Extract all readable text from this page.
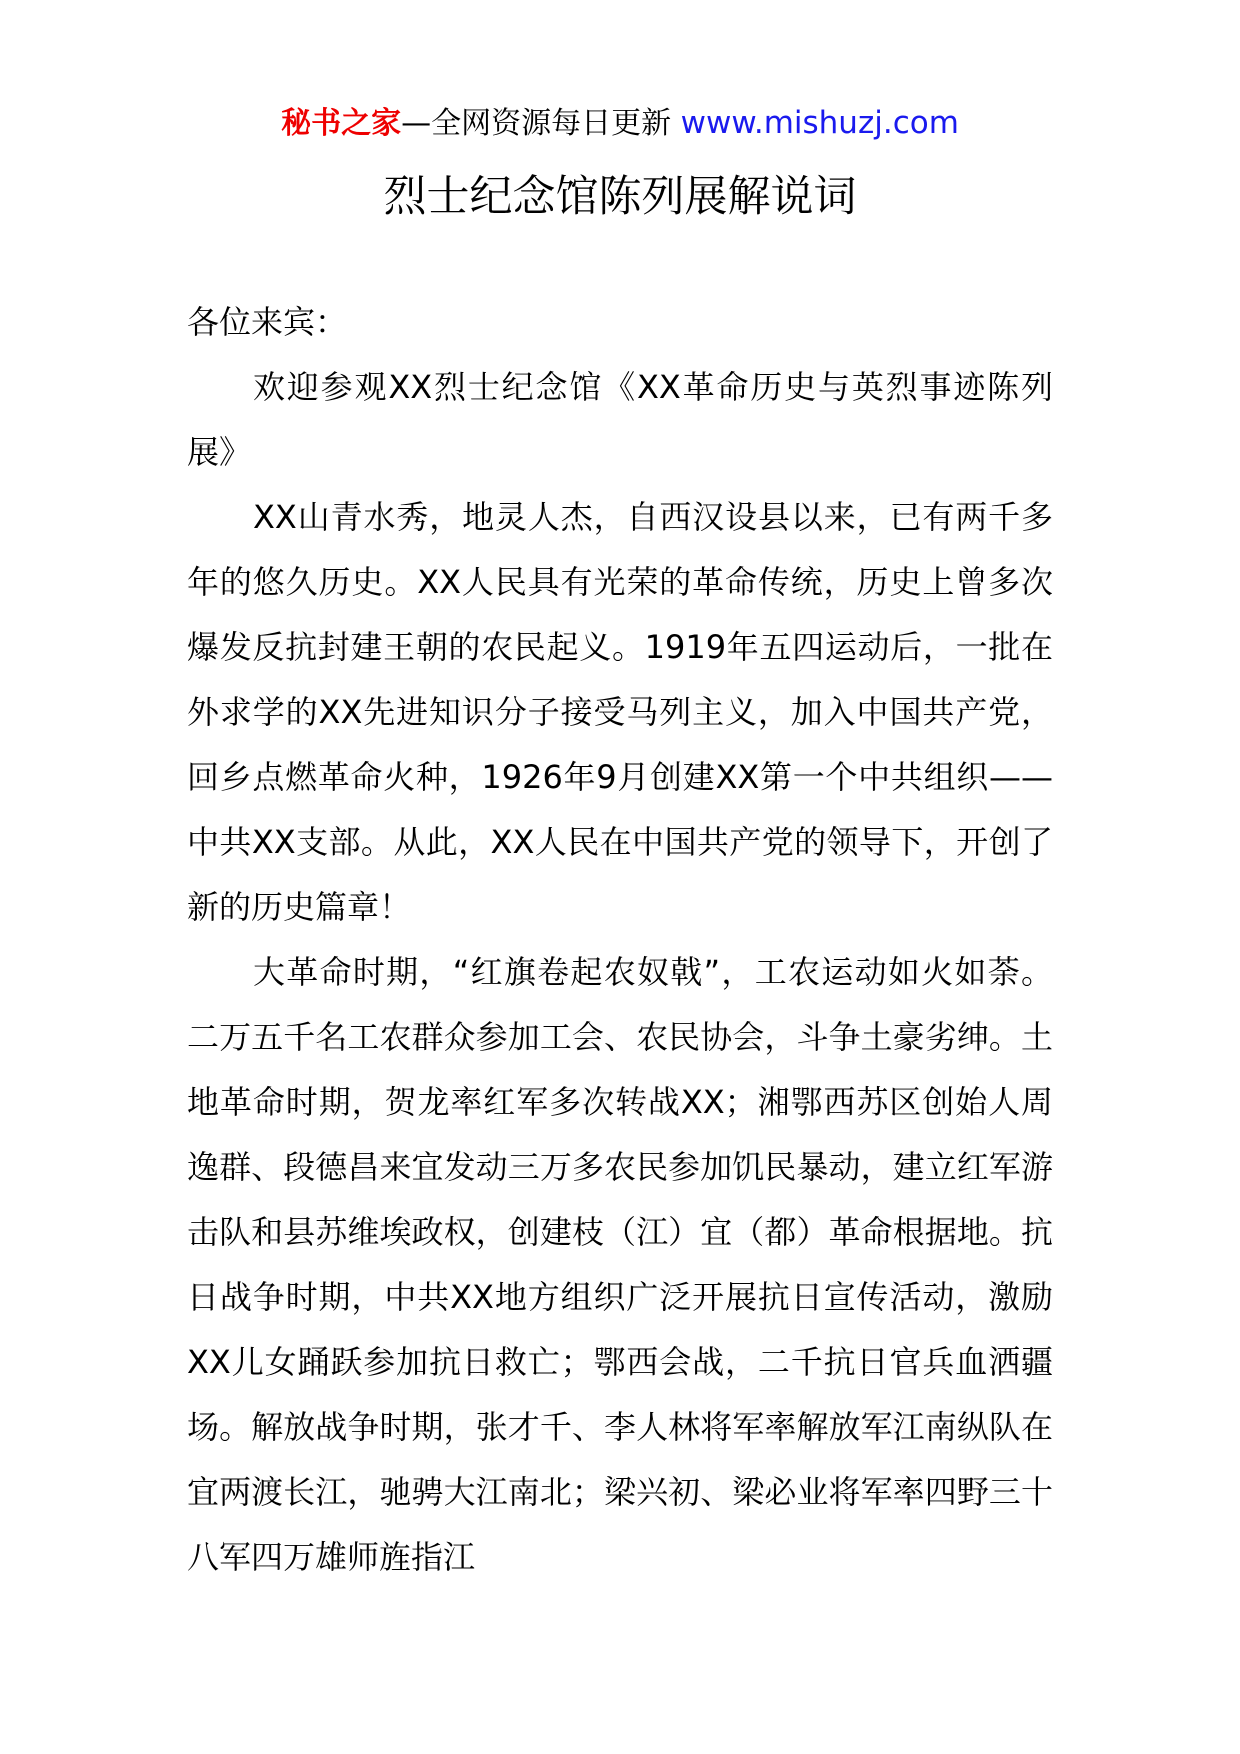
秘书之家—全网资源每日更新 www.mishuzj.com
烈士纪念馆陈列展解说词

各位来宾：

欢迎参观XX烈士纪念馆《XX革命历史与英烈事迹陈列展》

XX山青水秀，地灵人杰，自西汉设县以来，已有两千多年的悠久历史。XX人民具有光荣的革命传统，历史上曾多次爆发反抗封建王朝的农民起义。1919年五四运动后，一批在外求学的XX先进知识分子接受马列主义，加入中国共产党，回乡点燃革命火种，1926年9月创建XX第一个中共组织——中共XX支部。从此，XX人民在中国共产党的领导下，开创了新的历史篇章！

大革命时期，“红旗卷起农奴戟”，工农运动如火如荼。二万五千名工农群众参加工会、农民协会，斗争土豪劣绅。土地革命时期，贺龙率红军多次转战XX；湘鄂西苏区创始人周逸群、段德昌来宜发动三万多农民参加饥民暴动，建立红军游击队和县苏维埃政权，创建枝（江）宜（都）革命根据地。抗日战争时期，中共XX地方组织广泛开展抗日宣传活动，激励XX儿女踊跃参加抗日救亡；鄂西会战，二千抗日官兵血洒疆场。解放战争时期，张才千、李人林将军率解放军江南纵队在宜两渡长江，驰骋大江南北；梁兴初、梁必业将军率四野三十八军四万雄师旌指江
